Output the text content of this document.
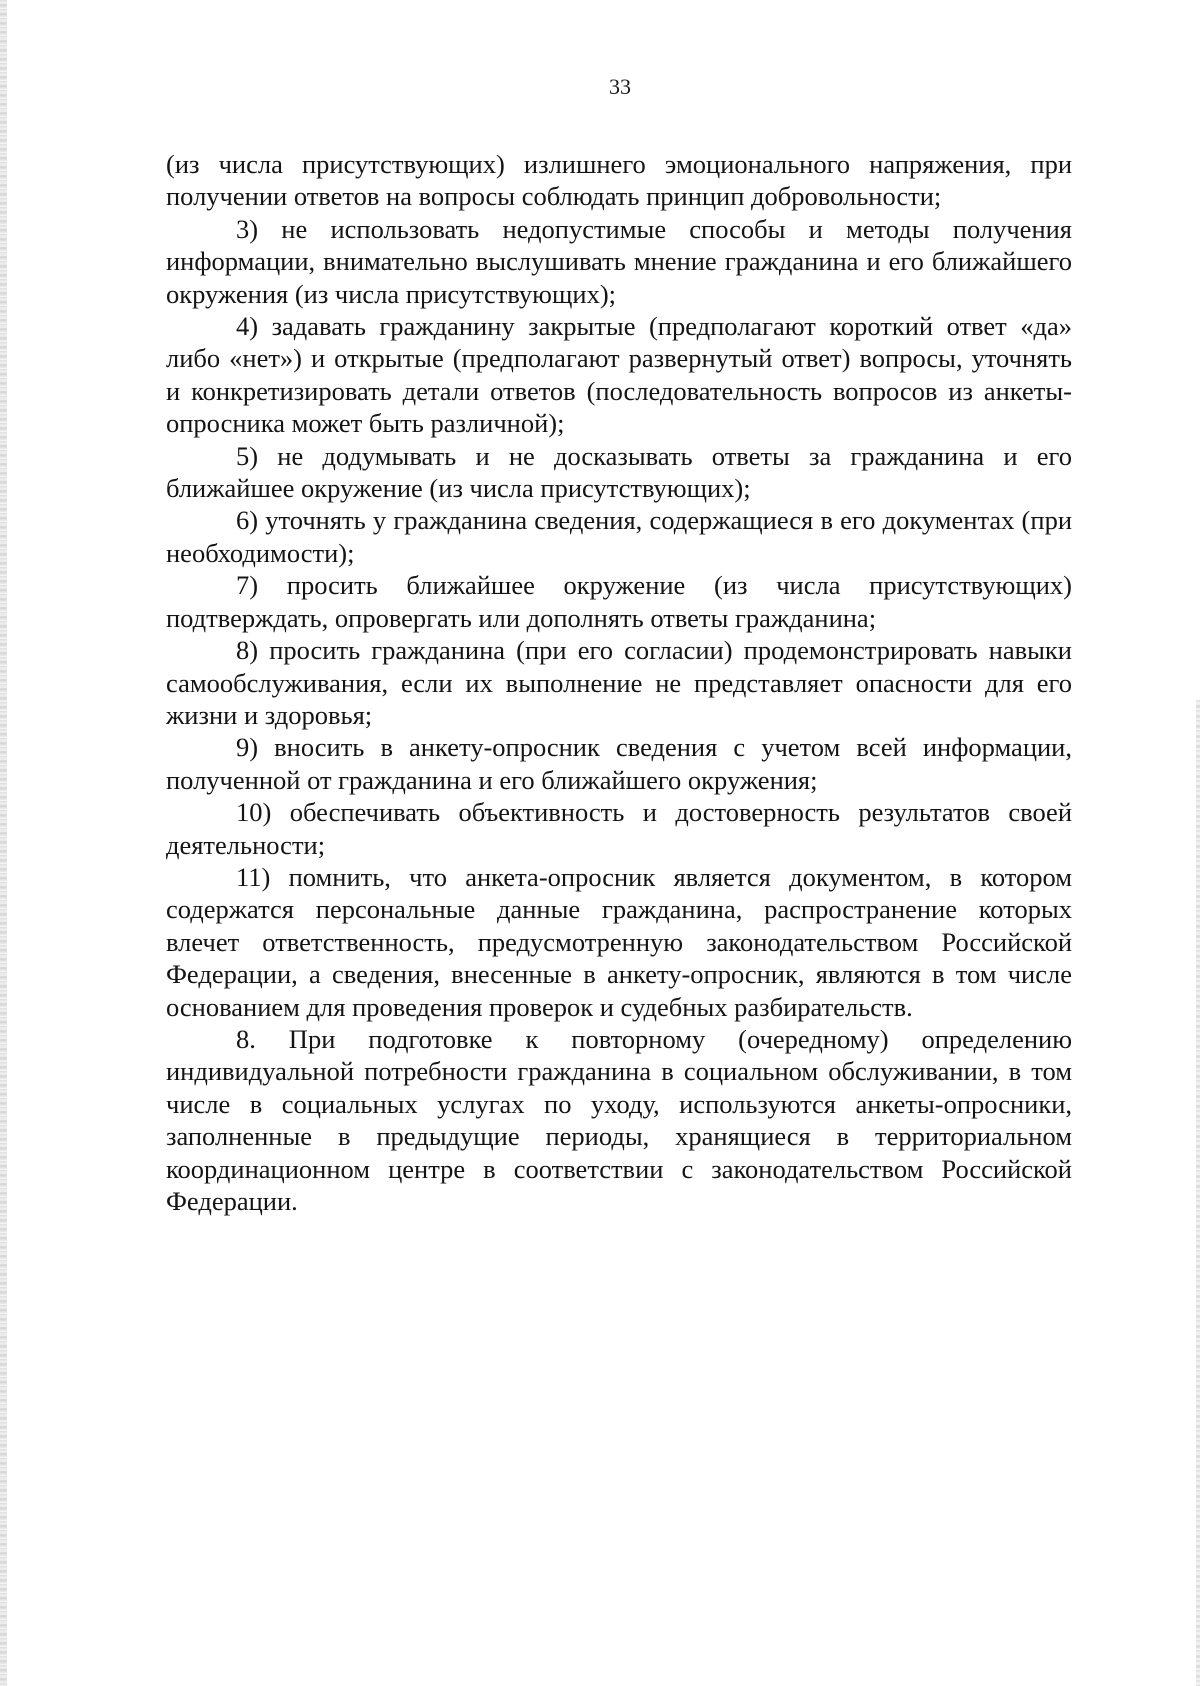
33

(из числа присутствующих) излишнего эмоционального напряжения, при получении ответов на вопросы соблюдать принцип добровольности;

3) не использовать недопустимые способы и методы получения информации, внимательно выслушивать мнение гражданина и его ближайшего окружения (из числа присутствующих);

4) задавать гражданину закрытые (предполагают короткий ответ «да» либо «нет») и открытые (предполагают развернутый ответ) вопросы, уточнять и конкретизировать детали ответов (последовательность вопросов из анкеты-опросника может быть различной);

5) не додумывать и не досказывать ответы за гражданина и его ближайшее окружение (из числа присутствующих);

6) уточнять у гражданина сведения, содержащиеся в его документах (при необходимости);

7) просить ближайшее окружение (из числа присутствующих) подтверждать, опровергать или дополнять ответы гражданина;

8) просить гражданина (при его согласии) продемонстрировать навыки самообслуживания, если их выполнение не представляет опасности для его жизни и здоровья;

9) вносить в анкету-опросник сведения с учетом всей информации, полученной от гражданина и его ближайшего окружения;

10) обеспечивать объективность и достоверность результатов своей деятельности;

11) помнить, что анкета-опросник является документом, в котором содержатся персональные данные гражданина, распространение которых влечет ответственность, предусмотренную законодательством Российской Федерации, а сведения, внесенные в анкету-опросник, являются в том числе основанием для проведения проверок и судебных разбирательств.

8. При подготовке к повторному (очередному) определению индивидуальной потребности гражданина в социальном обслуживании, в том числе в социальных услугах по уходу, используются анкеты-опросники, заполненные в предыдущие периоды, хранящиеся в территориальном координационном центре в соответствии с законодательством Российской Федерации.
